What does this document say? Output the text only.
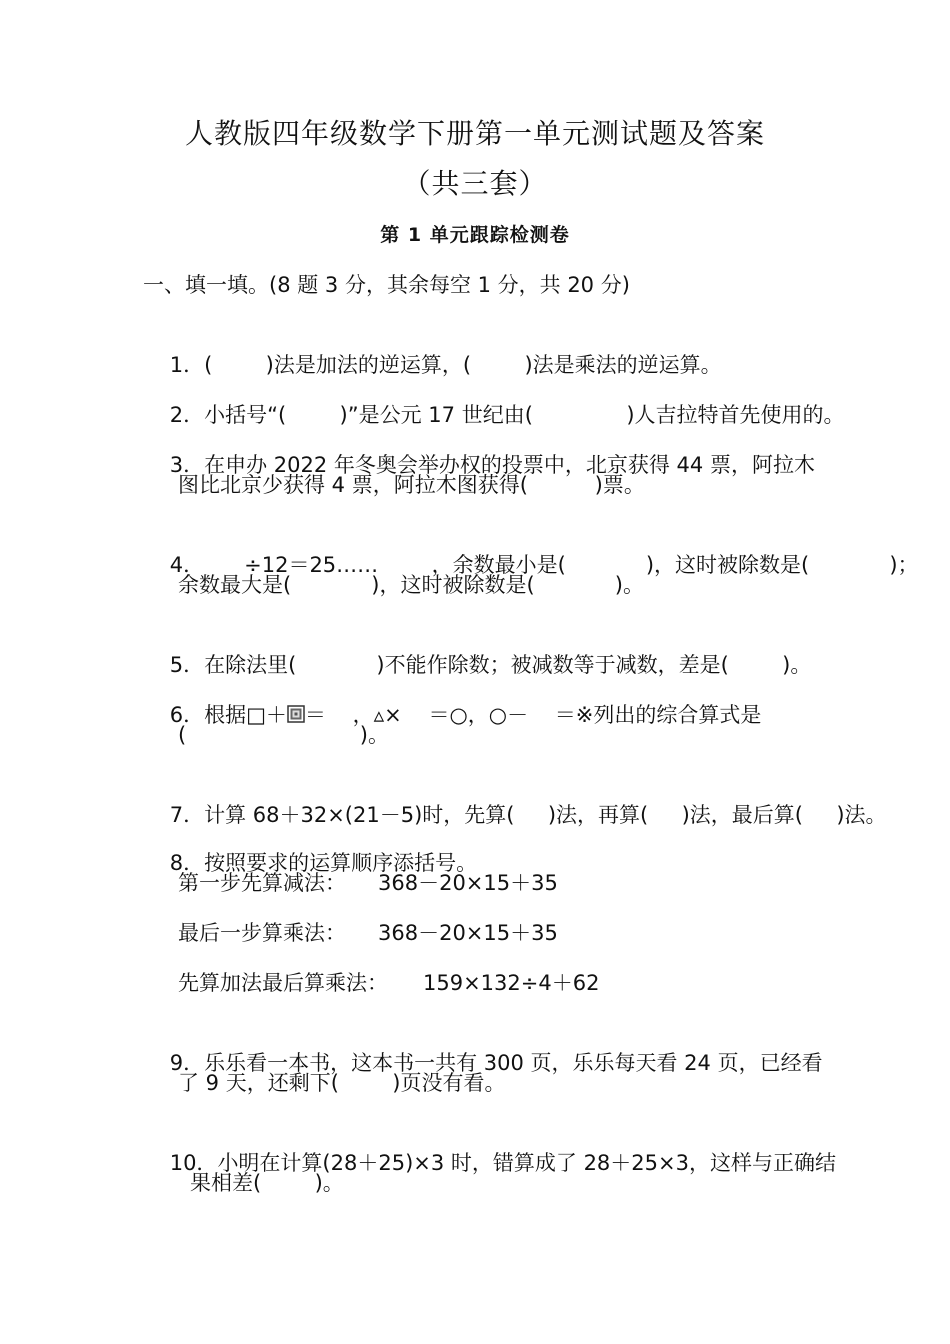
人教版四年级数学下册第一单元测试题及答案
（共三套）
第 1 单元跟踪检测卷
一、填一填。(8 题 3 分，其余每空 1 分，共 20 分)

1．(        )法是加法的逆运算，(        )法是乘法的逆运算。

2．小括号“(        )”是公元 17 世纪由(              )人吉拉特首先使用的。

3．在申办 2022 年冬奥会举办权的投票中，北京获得 44 票，阿拉木

图比北京少获得 4 票，阿拉木图获得(          )票。

4．      ÷12＝25……        ，余数最小是(            )，这时被除数是(            )；

余数最大是(            )，这时被除数是(            )。

5．在除法里(            )不能作除数；被减数等于减数，差是(        )。

6．根据□＋ ＝    ，▵×    ＝○，○－    ＝※列出的综合算式是

(                          )。

7．计算 68＋32×(21－5)时，先算(     )法，再算(     )法，最后算(     )法。

8．按照要求的运算顺序添括号。

第一步先算减法： 368－20×15＋35
最后一步算乘法： 368－20×15＋35
先算加法最后算乘法： 159×132÷4＋62

9．乐乐看一本书，这本书一共有 300 页，乐乐每天看 24 页，已经看

了 9 天，还剩下(        )页没有看。

10．小明在计算(28＋25)×3 时，错算成了 28＋25×3，这样与正确结

果相差(        )。
